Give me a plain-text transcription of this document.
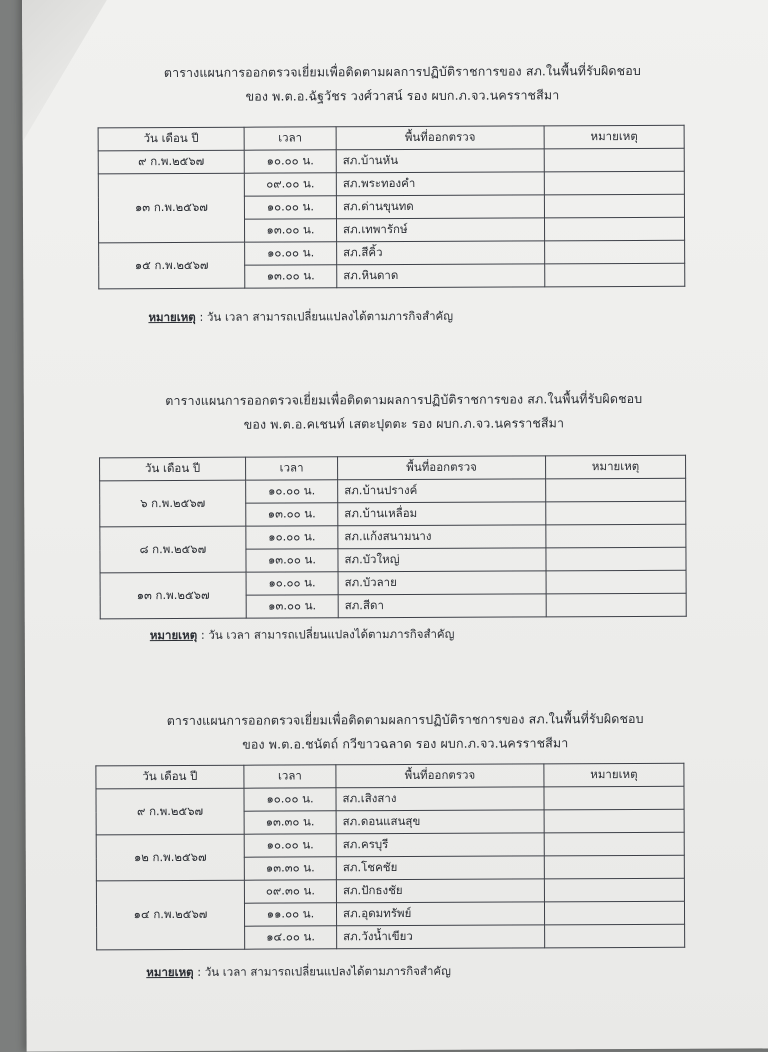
ตารางแผนการออกตรวจเยี่ยมเพื่อติดตามผลการปฏิบัติราชการของ สภ.ในพื้นที่รับผิดชอบ
ของ พ.ต.อ.ฉัฐวัชร วงศ์วาสน์ รอง ผบก.ภ.จว.นครราชสีมา
วัน เดือน ปี	เวลา	พื้นที่ออกตรวจ	หมายเหตุ
๙ ก.พ.๒๕๖๗	๑๐.๐๐ น.	สภ.บ้านหัน	
๑๓ ก.พ.๒๕๖๗	๐๙.๐๐ น.	สภ.พระทองคำ	
	๑๐.๐๐ น.	สภ.ด่านขุนทด	
	๑๓.๐๐ น.	สภ.เทพารักษ์	
๑๕ ก.พ.๒๕๖๗	๑๐.๐๐ น.	สภ.สีคิ้ว	
	๑๓.๐๐ น.	สภ.หินดาด	
หมายเหตุ : วัน เวลา สามารถเปลี่ยนแปลงได้ตามภารกิจสำคัญ
ตารางแผนการออกตรวจเยี่ยมเพื่อติดตามผลการปฏิบัติราชการของ สภ.ในพื้นที่รับผิดชอบ
ของ พ.ต.อ.คเชนท์ เสตะปุตตะ รอง ผบก.ภ.จว.นครราชสีมา
วัน เดือน ปี	เวลา	พื้นที่ออกตรวจ	หมายเหตุ
๖ ก.พ.๒๕๖๗	๑๐.๐๐ น.	สภ.บ้านปรางค์	
	๑๓.๐๐ น.	สภ.บ้านเหลื่อม	
๘ ก.พ.๒๕๖๗	๑๐.๐๐ น.	สภ.แก้งสนามนาง	
	๑๓.๐๐ น.	สภ.บัวใหญ่	
๑๓ ก.พ.๒๕๖๗	๑๐.๐๐ น.	สภ.บัวลาย	
	๑๓.๐๐ น.	สภ.สีดา	
หมายเหตุ : วัน เวลา สามารถเปลี่ยนแปลงได้ตามภารกิจสำคัญ
ตารางแผนการออกตรวจเยี่ยมเพื่อติดตามผลการปฏิบัติราชการของ สภ.ในพื้นที่รับผิดชอบ
ของ พ.ต.อ.ชนัตถ์ กวีขาวฉลาด รอง ผบก.ภ.จว.นครราชสีมา
วัน เดือน ปี	เวลา	พื้นที่ออกตรวจ	หมายเหตุ
๙ ก.พ.๒๕๖๗	๑๐.๐๐ น.	สภ.เสิงสาง	
	๑๓.๓๐ น.	สภ.ดอนแสนสุข	
๑๒ ก.พ.๒๕๖๗	๑๐.๐๐ น.	สภ.ครบุรี	
	๑๓.๓๐ น.	สภ.โชคชัย	
๑๔ ก.พ.๒๕๖๗	๐๙.๓๐ น.	สภ.ปักธงชัย	
	๑๑.๐๐ น.	สภ.อุดมทรัพย์	
	๑๔.๐๐ น.	สภ.วังน้ำเขียว	
หมายเหตุ : วัน เวลา สามารถเปลี่ยนแปลงได้ตามภารกิจสำคัญ
